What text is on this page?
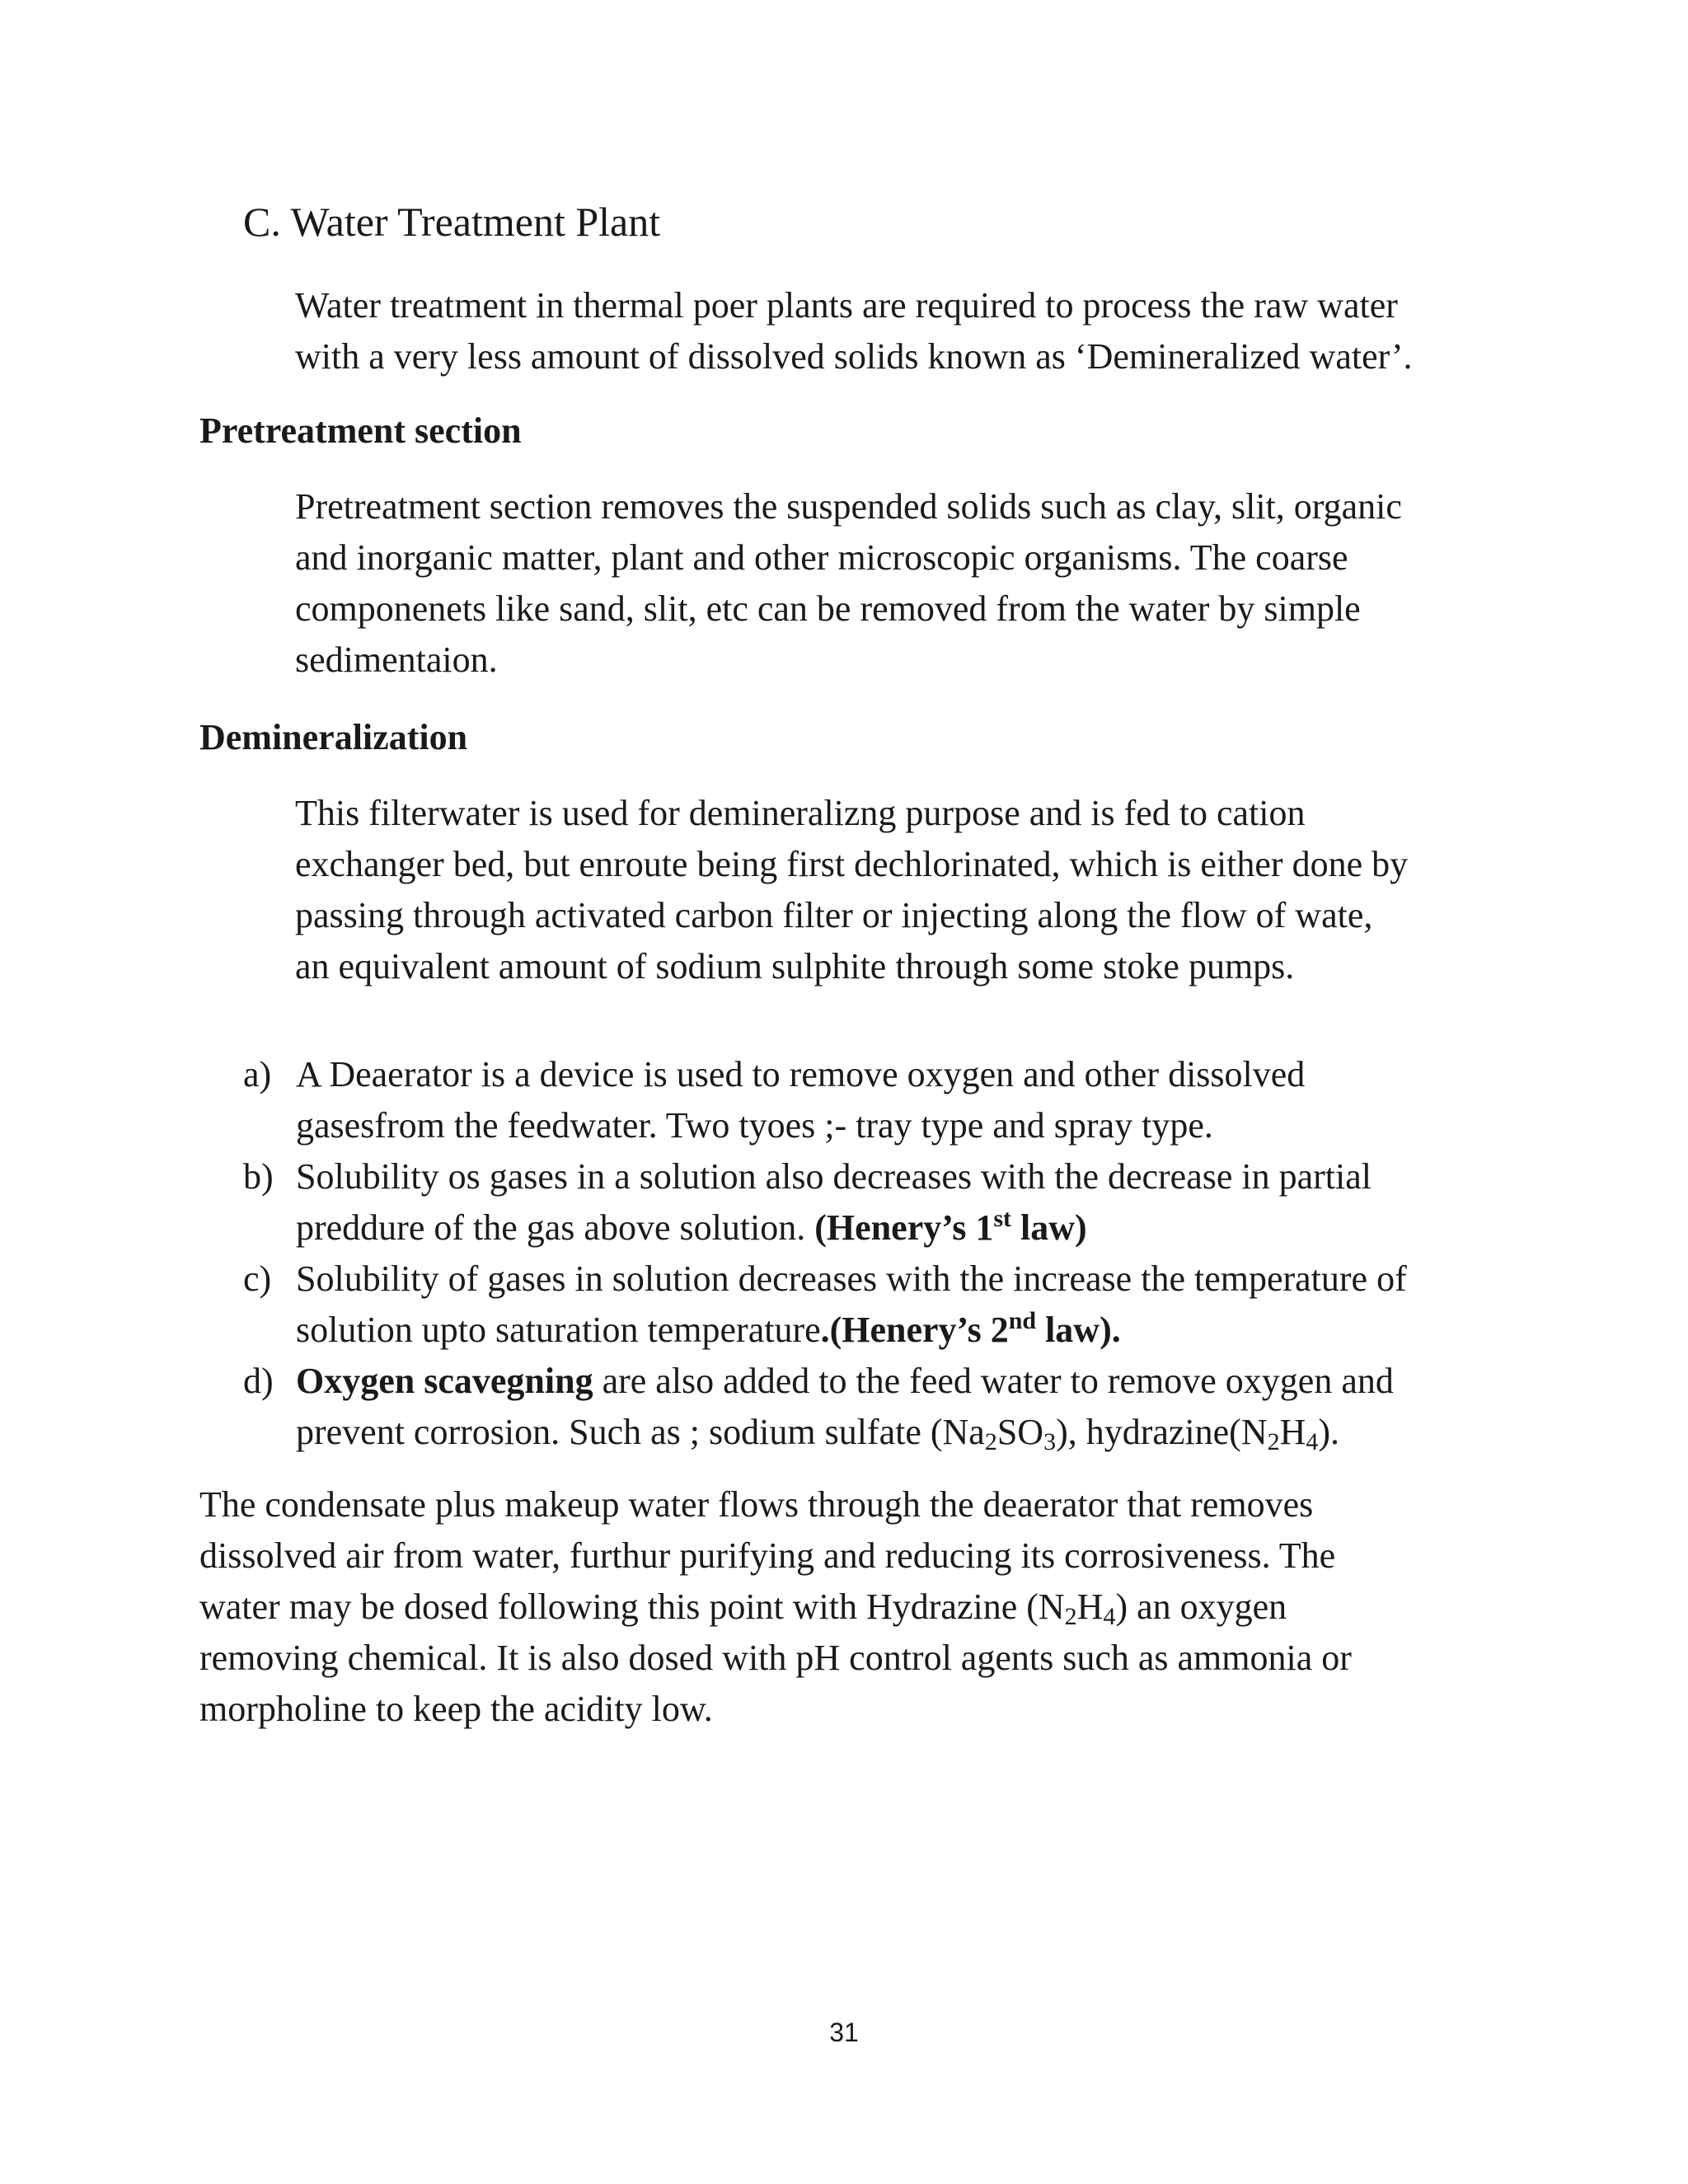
C. Water Treatment Plant
Water treatment in thermal poer plants are required to process the raw water
with a very less amount of dissolved solids known as ‘Demineralized water’.
Pretreatment section
Pretreatment section removes the suspended solids such as clay, slit, organic
and inorganic matter, plant and other microscopic organisms. The coarse
componenets like sand, slit, etc can be removed from the water by simple
sedimentaion.
Demineralization
This filterwater is used for demineralizng purpose and is fed to cation
exchanger bed, but enroute being first dechlorinated, which is either done by
passing through activated carbon filter or injecting along the flow of wate,
an equivalent amount of sodium sulphite through some stoke pumps.
a) A Deaerator is a device is used to remove oxygen and other dissolved
gasesfrom the feedwater. Two tyoes ;- tray type and spray type.
b) Solubility os gases in a solution also decreases with the decrease in partial
preddure of the gas above solution. (Henery’s 1st law)
c) Solubility of gases in solution decreases with the increase the temperature of
solution upto saturation temperature.(Henery’s 2nd law).
d) Oxygen scavegning are also added to the feed water to remove oxygen and
prevent corrosion. Such as ; sodium sulfate $(Na_2SO_3)$, $hydrazine(N_2H_4)$.
The condensate plus makeup water flows through the deaerator that removes
dissolved air from water, furthur purifying and reducing its corrosiveness. The
water may be dosed following this point with Hydrazine $(N_2H_4)$ an oxygen
removing chemical. It is also dosed with pH control agents such as ammonia or
morpholine to keep the acidity low.
31
